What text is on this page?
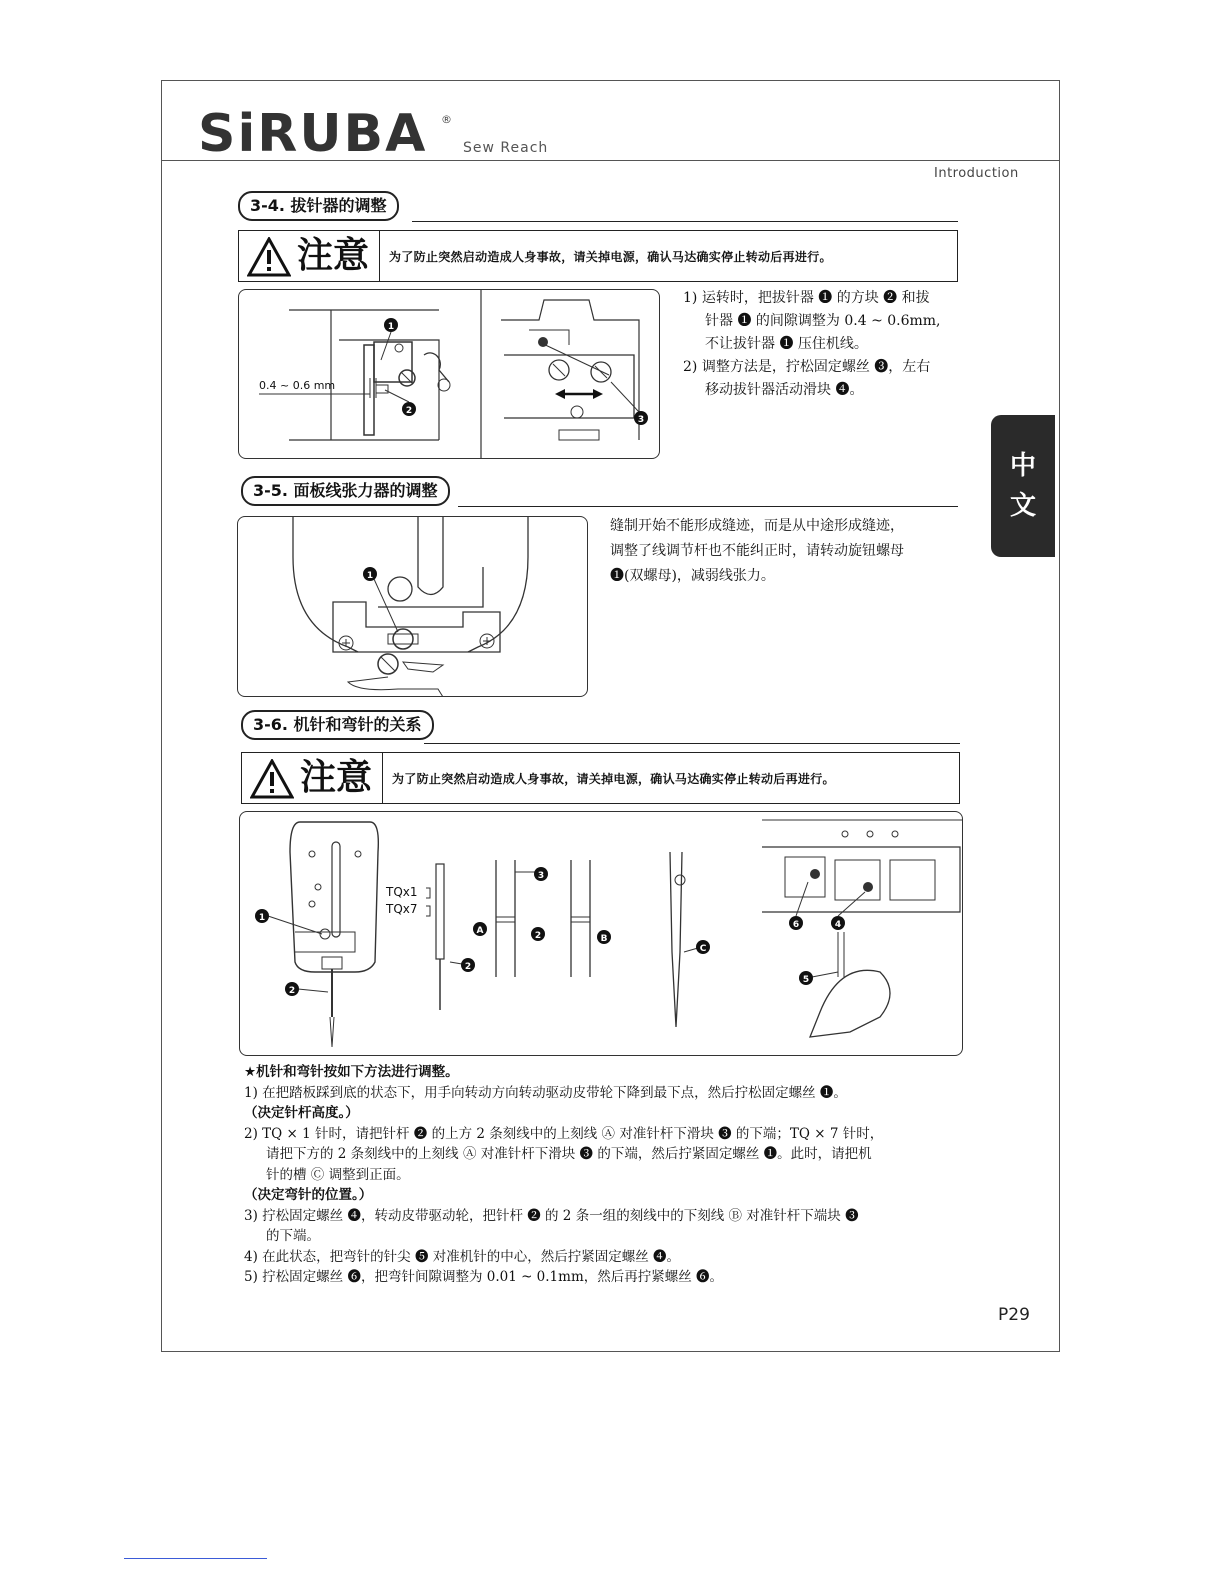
SiRUBA ®
Sew Reach
Introduction
中
文
3-4. 拔针器的调整
注意 为了防止突然启动造成人身事故，请关掉电源，确认马达确实停止转动后再进行。
0.4 ~ 0.6 mm
1
2
3

1) 运转时，把拔针器 ❶ 的方块 ❷ 和拔

针器 ❶ 的间隙调整为 0.4 ~ 0.6mm,

不让拔针器 ❶ 压住机线。

2) 调整方法是，拧松固定螺丝 ❸，左右

移动拔针器活动滑块 ❹。

3-5. 面板线张力器的调整
1

缝制开始不能形成缝迹，而是从中途形成缝迹，

调整了线调节杆也不能纠正时，请转动旋钮螺母

❶(双螺母)，减弱线张力。

3-6. 机针和弯针的关系
注意 为了防止突然启动造成人身事故，请关掉电源，确认马达确实停止转动后再进行。
1
2
TQx1
TQx7
2
3
A	2	B
C
6	4
5

★机针和弯针按如下方法进行调整。

1) 在把踏板踩到底的状态下，用手向转动方向转动驱动皮带轮下降到最下点，然后拧松固定螺丝 ❶。

（决定针杆高度。）

2) TQ × 1 针时，请把针杆 ❷ 的上方 2 条刻线中的上刻线 Ⓐ 对准针杆下滑块 ❸ 的下端；TQ × 7 针时，

请把下方的 2 条刻线中的上刻线 Ⓐ 对准针杆下滑块 ❸ 的下端，然后拧紧固定螺丝 ❶。此时，请把机

针的槽 Ⓒ 调整到正面。

（决定弯针的位置。）

3) 拧松固定螺丝 ❹，转动皮带驱动轮，把针杆 ❷ 的 2 条一组的刻线中的下刻线 Ⓑ 对准针杆下端块 ❸

的下端。

4) 在此状态，把弯针的针尖 ❺ 对准机针的中心，然后拧紧固定螺丝 ❹。

5) 拧松固定螺丝 ❻，把弯针间隙调整为 0.01 ~ 0.1mm，然后再拧紧螺丝 ❻。

P29
